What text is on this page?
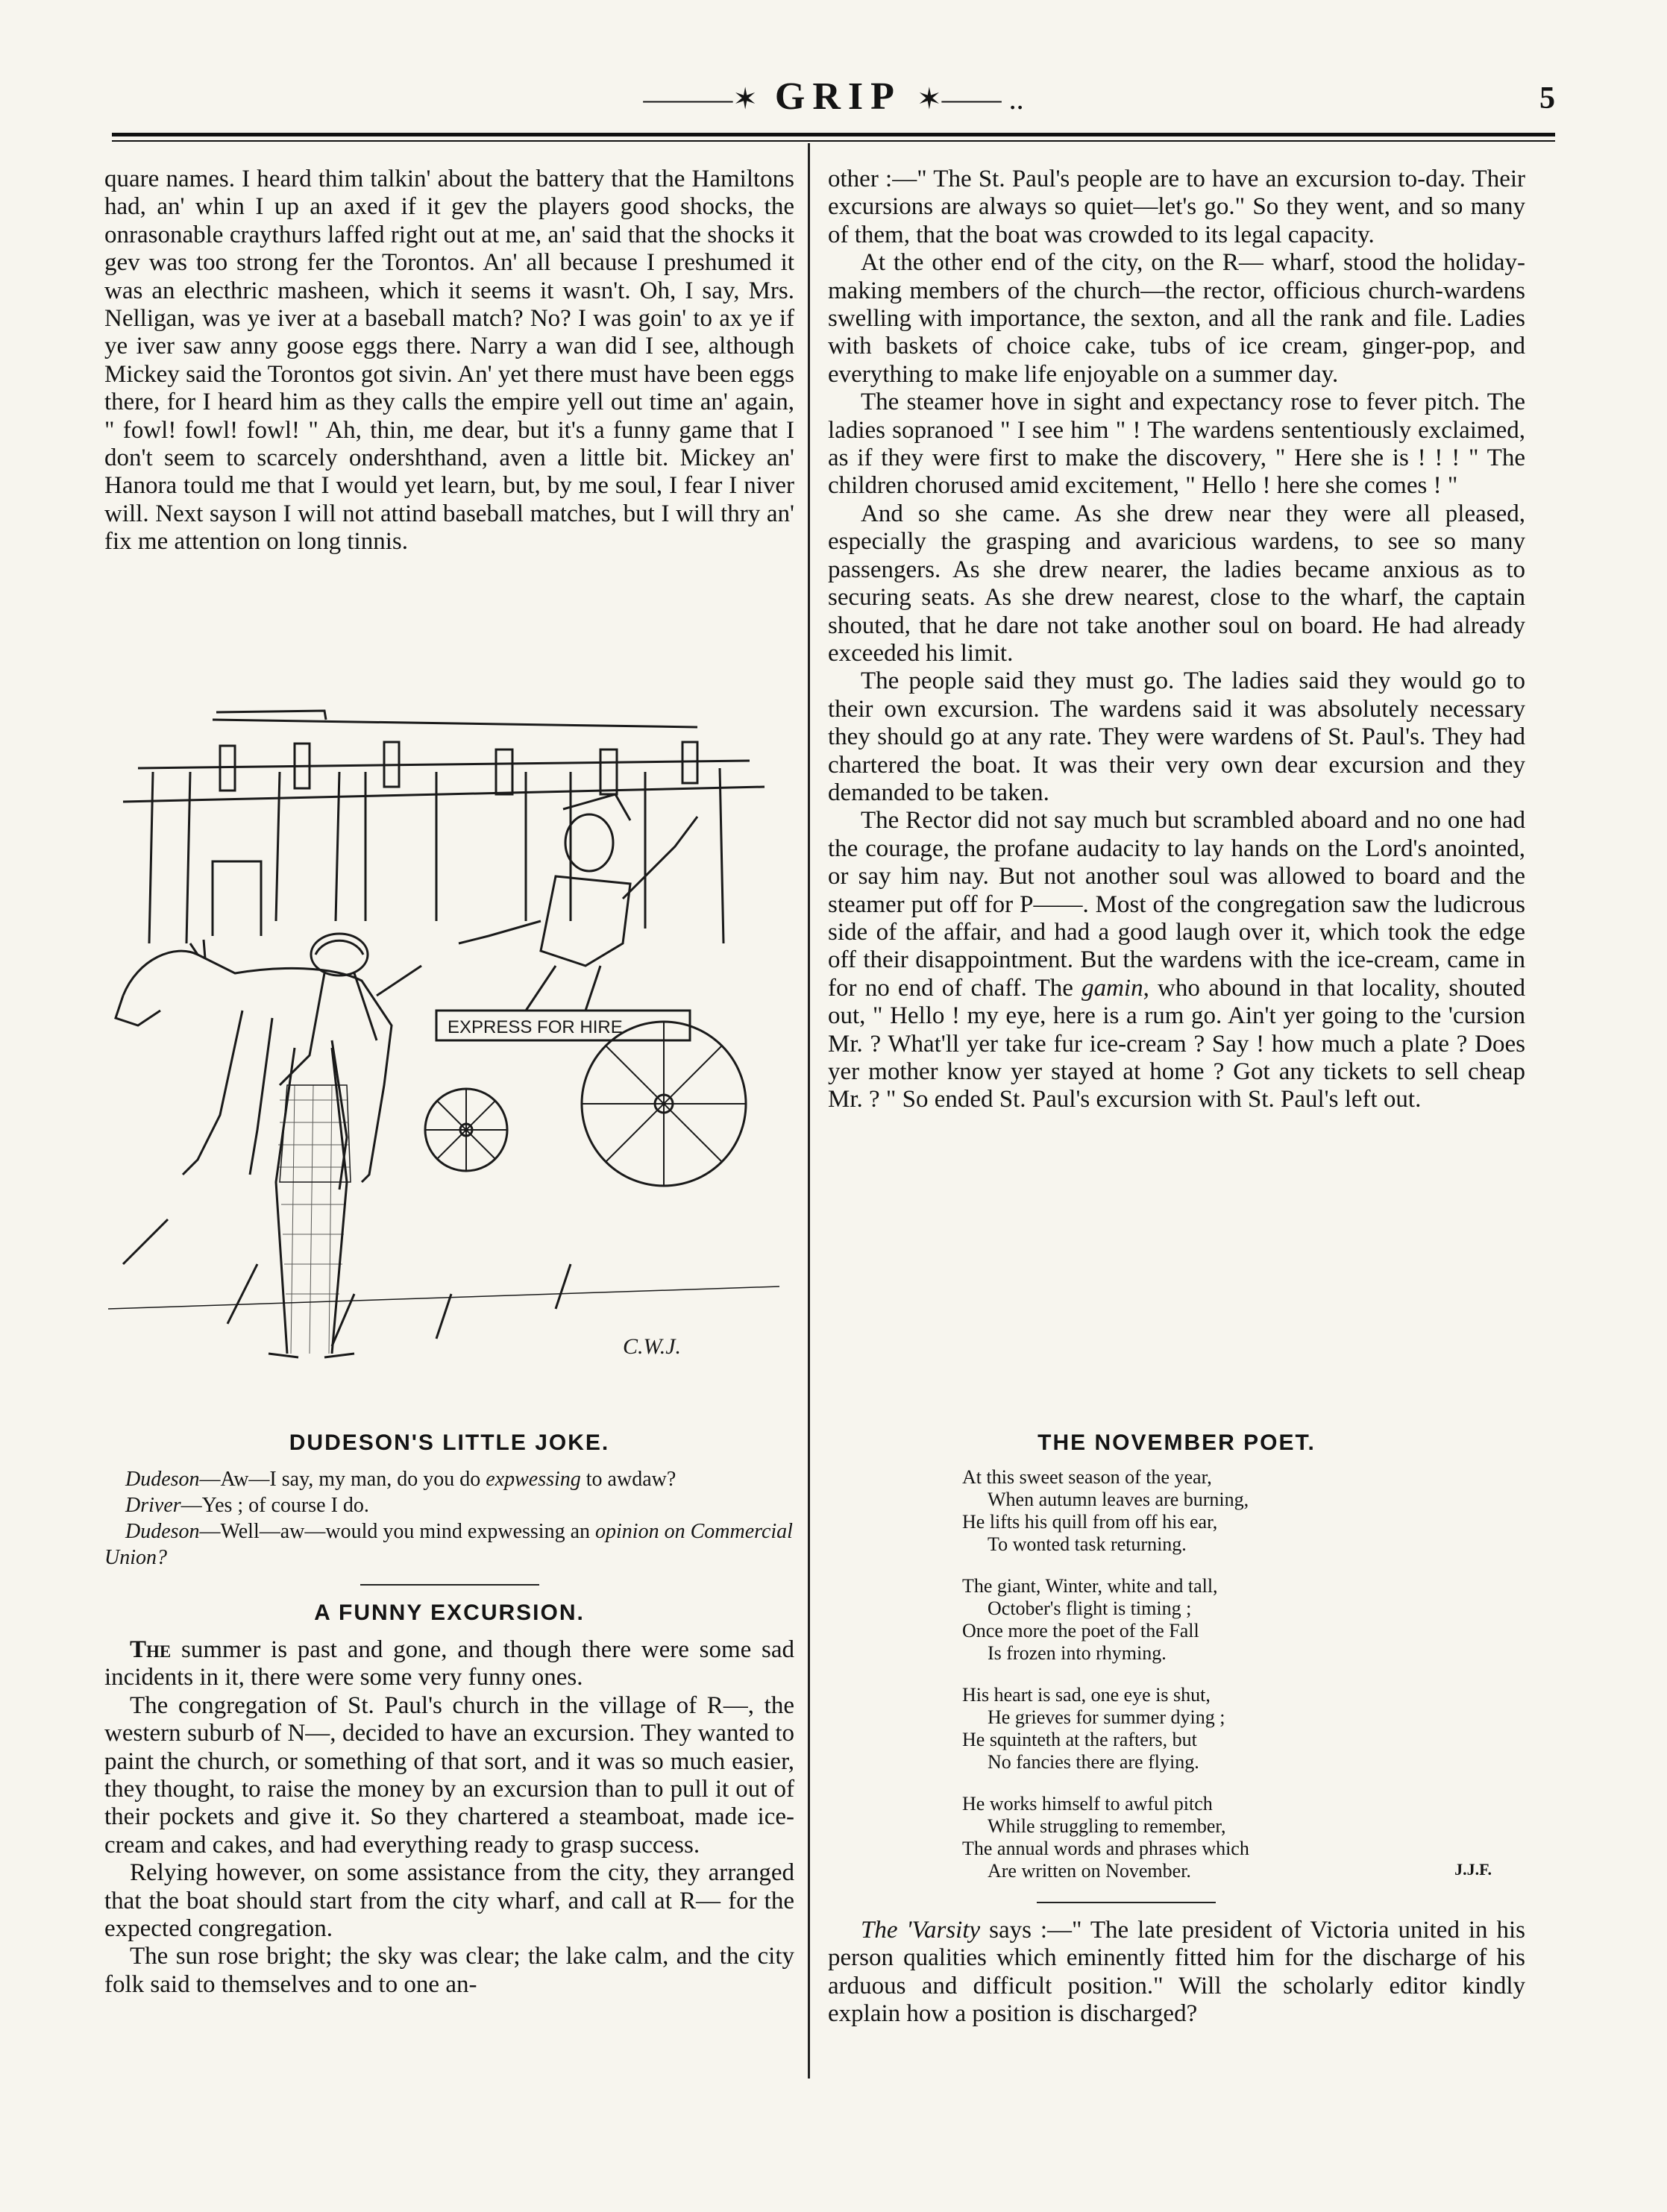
———✶ GRIP ✶—— ..	5

quare names. I heard thim talkin' about the battery that the Hamiltons had, an' whin I up an axed if it gev the players good shocks, the onrasonable craythurs laffed right out at me, an' said that the shocks it gev was too strong fer the Torontos. An' all because I preshumed it was an electhric masheen, which it seems it wasn't. Oh, I say, Mrs. Nelligan, was ye iver at a baseball match? No? I was goin' to ax ye if ye iver saw anny goose eggs there. Narry a wan did I see, although Mickey said the Torontos got sivin. An' yet there must have been eggs there, for I heard him as they calls the empire yell out time an' again, " fowl! fowl! fowl! " Ah, thin, me dear, but it's a funny game that I don't seem to scarcely ondershthand, aven a little bit. Mickey an' Hanora tould me that I would yet learn, but, by me soul, I fear I niver will. Next sayson I will not attind baseball matches, but I will thry an' fix me attention on long tinnis.

EXPRESS FOR HIRE
C.W.J.

DUDESON'S LITTLE JOKE.

Dudeson—Aw—I say, my man, do you do expwessing to awdaw?

Driver—Yes ; of course I do.

Dudeson—Well—aw—would you mind expwessing an opinion on Commercial Union?

A FUNNY EXCURSION.

The summer is past and gone, and though there were some sad incidents in it, there were some very funny ones.

The congregation of St. Paul's church in the village of R—, the western suburb of N—, decided to have an excursion. They wanted to paint the church, or something of that sort, and it was so much easier, they thought, to raise the money by an excursion than to pull it out of their pockets and give it. So they chartered a steamboat, made ice-cream and cakes, and had everything ready to grasp success.

Relying however, on some assistance from the city, they arranged that the boat should start from the city wharf, and call at R— for the expected congregation.

The sun rose bright; the sky was clear; the lake calm, and the city folk said to themselves and to one an-

other :—" The St. Paul's people are to have an excursion to-day. Their excursions are always so quiet—let's go." So they went, and so many of them, that the boat was crowded to its legal capacity.

At the other end of the city, on the R— wharf, stood the holiday-making members of the church—the rector, officious church-wardens swelling with importance, the sexton, and all the rank and file. Ladies with baskets of choice cake, tubs of ice cream, ginger-pop, and everything to make life enjoyable on a summer day.

The steamer hove in sight and expectancy rose to fever pitch. The ladies sopranoed " I see him " ! The wardens sententiously exclaimed, as if they were first to make the discovery, " Here she is ! ! ! " The children chorused amid excitement, " Hello ! here she comes ! "

And so she came. As she drew near they were all pleased, especially the grasping and avaricious wardens, to see so many passengers. As she drew nearer, the ladies became anxious as to securing seats. As she drew nearest, close to the wharf, the captain shouted, that he dare not take another soul on board. He had already exceeded his limit.

The people said they must go. The ladies said they would go to their own excursion. The wardens said it was absolutely necessary they should go at any rate. They were wardens of St. Paul's. They had chartered the boat. It was their very own dear excursion and they demanded to be taken.

The Rector did not say much but scrambled aboard and no one had the courage, the profane audacity to lay hands on the Lord's anointed, or say him nay. But not another soul was allowed to board and the steamer put off for P——. Most of the congregation saw the ludicrous side of the affair, and had a good laugh over it, which took the edge off their disappointment. But the wardens with the ice-cream, came in for no end of chaff. The gamin, who abound in that locality, shouted out, " Hello ! my eye, here is a rum go. Ain't yer going to the 'cursion Mr. ? What'll yer take fur ice-cream ? Say ! how much a plate ? Does yer mother know yer stayed at home ? Got any tickets to sell cheap Mr. ? " So ended St. Paul's excursion with St. Paul's left out.

THE NOVEMBER POET.

At this sweet season of the year,
When autumn leaves are burning,
He lifts his quill from off his ear,
To wonted task returning.
The giant, Winter, white and tall,
October's flight is timing ;
Once more the poet of the Fall
Is frozen into rhyming.
His heart is sad, one eye is shut,
He grieves for summer dying ;
He squinteth at the rafters, but
No fancies there are flying.
He works himself to awful pitch
While struggling to remember,
The annual words and phrases which
Are written on November.	J.J.F.

The 'Varsity says :—" The late president of Victoria united in his person qualities which eminently fitted him for the discharge of his arduous and difficult position." Will the scholarly editor kindly explain how a position is discharged?
